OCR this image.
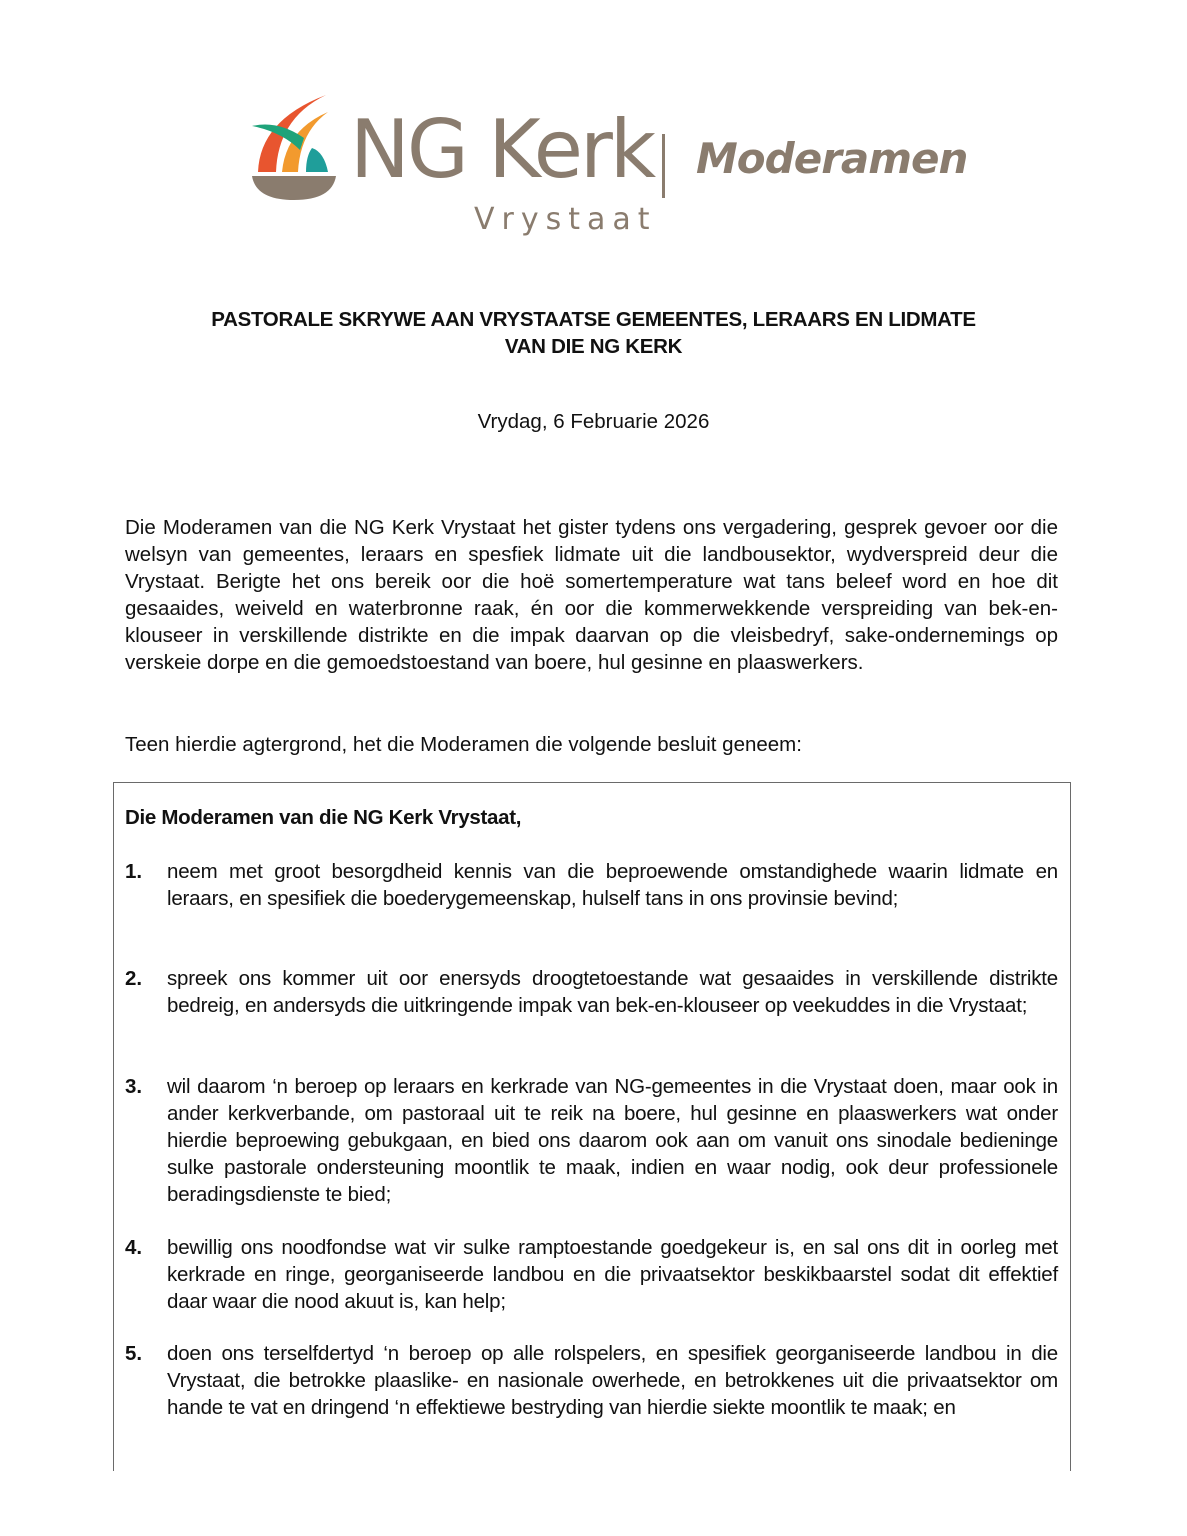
NG Kerk
Vrystaat
Moderamen
PASTORALE SKRYWE AAN VRYSTAATSE GEMEENTES, LERAARS EN LIDMATE
VAN DIE NG KERK
Vrydag, 6 Februarie 2026

Die Moderamen van die NG Kerk Vrystaat het gister tydens ons vergadering, gesprek gevoer oor die welsyn van gemeentes, leraars en spesfiek lidmate uit die landbousektor, wydverspreid deur die Vrystaat. Berigte het ons bereik oor die hoë somertemperature wat tans beleef word en hoe dit gesaaides, weiveld en waterbronne raak, én oor die kommerwekkende verspreiding van bek-en-klouseer in verskillende distrikte en die impak daarvan op die vleisbedryf, sake-ondernemings op verskeie dorpe en die gemoedstoestand van boere, hul gesinne en plaaswerkers.

Teen hierdie agtergrond, het die Moderamen die volgende besluit geneem:

Die Moderamen van die NG Kerk Vrystaat,
1. neem met groot besorgdheid kennis van die beproewende omstandighede waarin lidmate en leraars, en spesifiek die boederygemeenskap, hulself tans in ons provinsie bevind;
2. spreek ons kommer uit oor enersyds droogtetoestande wat gesaaides in verskillende distrikte bedreig, en andersyds die uitkringende impak van bek-en-klouseer op veekuddes in die Vrystaat;
3. wil daarom ‘n beroep op leraars en kerkrade van NG-gemeentes in die Vrystaat doen, maar ook in ander kerkverbande, om pastoraal uit te reik na boere, hul gesinne en plaaswerkers wat onder hierdie beproewing gebukgaan, en bied ons daarom ook aan om vanuit ons sinodale bedieninge sulke pastorale ondersteuning moontlik te maak, indien en waar nodig, ook deur professionele beradingsdienste te bied;
4. bewillig ons noodfondse wat vir sulke ramptoestande goedgekeur is, en sal ons dit in oorleg met kerkrade en ringe, georganiseerde landbou en die privaatsektor beskikbaarstel sodat dit effektief daar waar die nood akuut is, kan help;
5. doen ons terselfdertyd ‘n beroep op alle rolspelers, en spesifiek georganiseerde landbou in die Vrystaat, die betrokke plaaslike- en nasionale owerhede, en betrokkenes uit die privaatsektor om hande te vat en dringend ‘n effektiewe bestryding van hierdie siekte moontlik te maak; en
